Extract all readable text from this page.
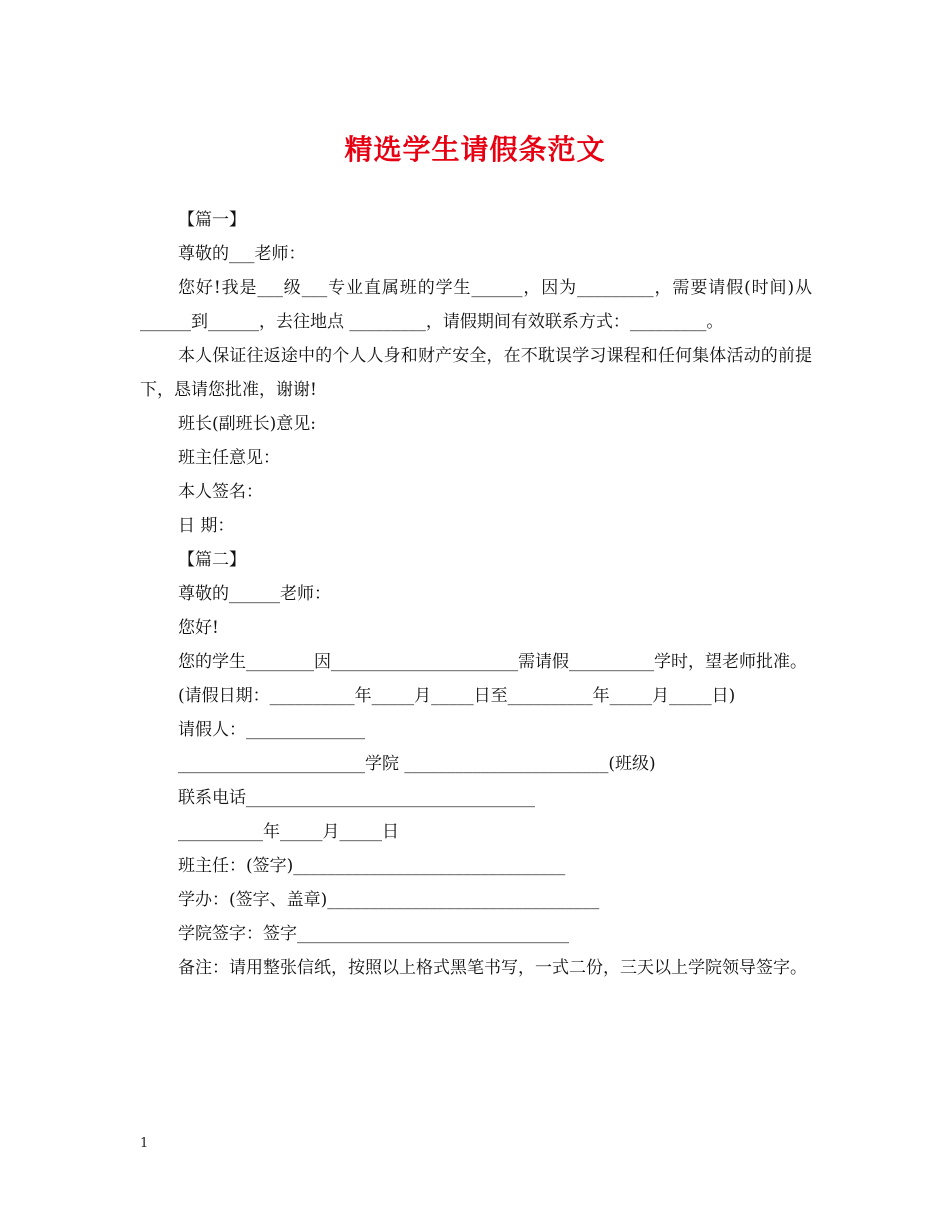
精选学生请假条范文
【篇一】
尊敬的___老师：
您好!我是___级___专业直属班的学生______，因为_________，需要请假(时间)从______到______，去往地点 _________，请假期间有效联系方式：_________。
本人保证往返途中的个人人身和财产安全，在不耽误学习课程和任何集体活动的前提下，恳请您批准，谢谢!
班长(副班长)意见:
班主任意见：
本人签名：
日 期：
【篇二】
尊敬的______老师：
您好!
您的学生________因______________________需请假__________学时，望老师批准。
(请假日期：__________年_____月_____日至__________年_____月_____日)
请假人：______________
______________________学院 ________________________(班级)
联系电话__________________________________
__________年_____月_____日
班主任：(签字)________________________________
学办：(签字、盖章)________________________________
学院签字：签字________________________________
备注：请用整张信纸，按照以上格式黑笔书写，一式二份，三天以上学院领导签字。
1
